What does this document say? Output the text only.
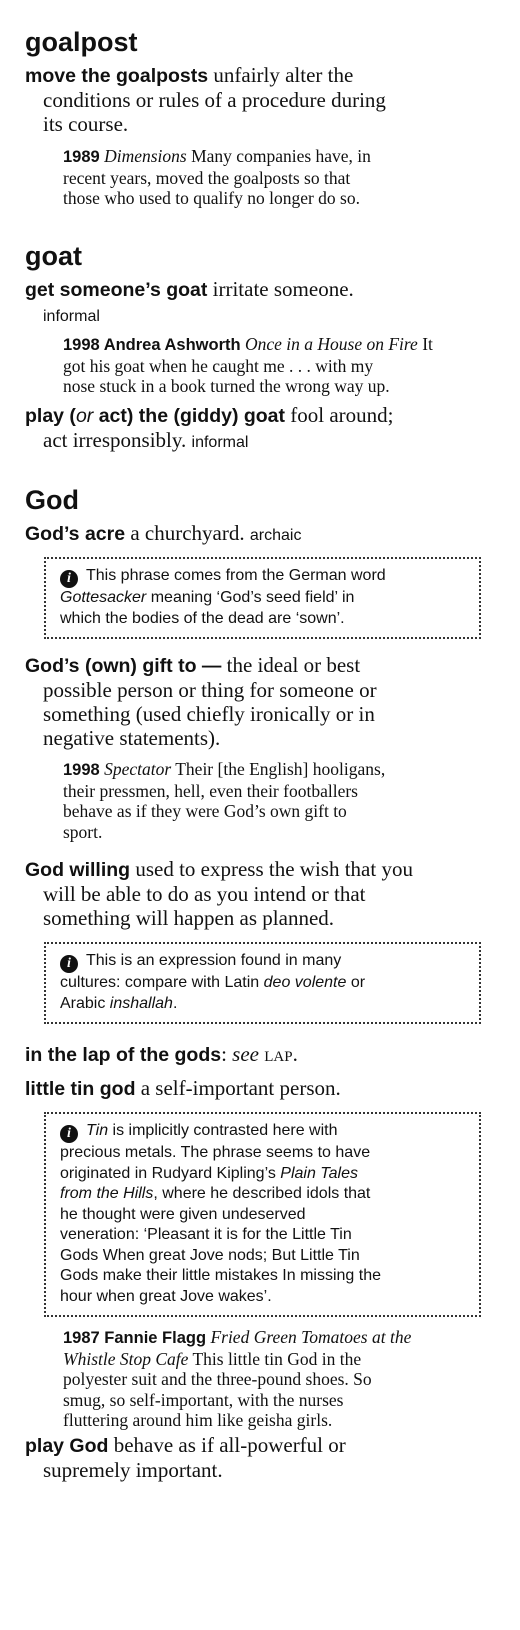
goalpost
move the goalposts unfairly alter the
conditions or rules of a procedure during
its course.
1989 Dimensions Many companies have, in
recent years, moved the goalposts so that
those who used to qualify no longer do so.
goat
get someone’s goat irritate someone.
informal
1998 Andrea Ashworth Once in a House on Fire It
got his goat when he caught me . . . with my
nose stuck in a book turned the wrong way up.
play (or act) the (giddy) goat fool around;
act irresponsibly. informal
God
God’s acre a churchyard. archaic
i This phrase comes from the German word
Gottesacker meaning ‘God’s seed field’ in
which the bodies of the dead are ‘sown’.
God’s (own) gift to — the ideal or best
possible person or thing for someone or
something (used chiefly ironically or in
negative statements).
1998 Spectator Their [the English] hooligans,
their pressmen, hell, even their footballers
behave as if they were God’s own gift to
sport.
God willing used to express the wish that you
will be able to do as you intend or that
something will happen as planned.
i This is an expression found in many
cultures: compare with Latin deo volente or
Arabic inshallah.
in the lap of the gods: see lap.
little tin god a self-important person.
i Tin is implicitly contrasted here with
precious metals. The phrase seems to have
originated in Rudyard Kipling’s Plain Tales
from the Hills, where he described idols that
he thought were given undeserved
veneration: ‘Pleasant it is for the Little Tin
Gods When great Jove nods; But Little Tin
Gods make their little mistakes In missing the
hour when great Jove wakes’.
1987 Fannie Flagg Fried Green Tomatoes at the
Whistle Stop Cafe This little tin God in the
polyester suit and the three-pound shoes. So
smug, so self-important, with the nurses
fluttering around him like geisha girls.
play God behave as if all-powerful or
supremely important.
